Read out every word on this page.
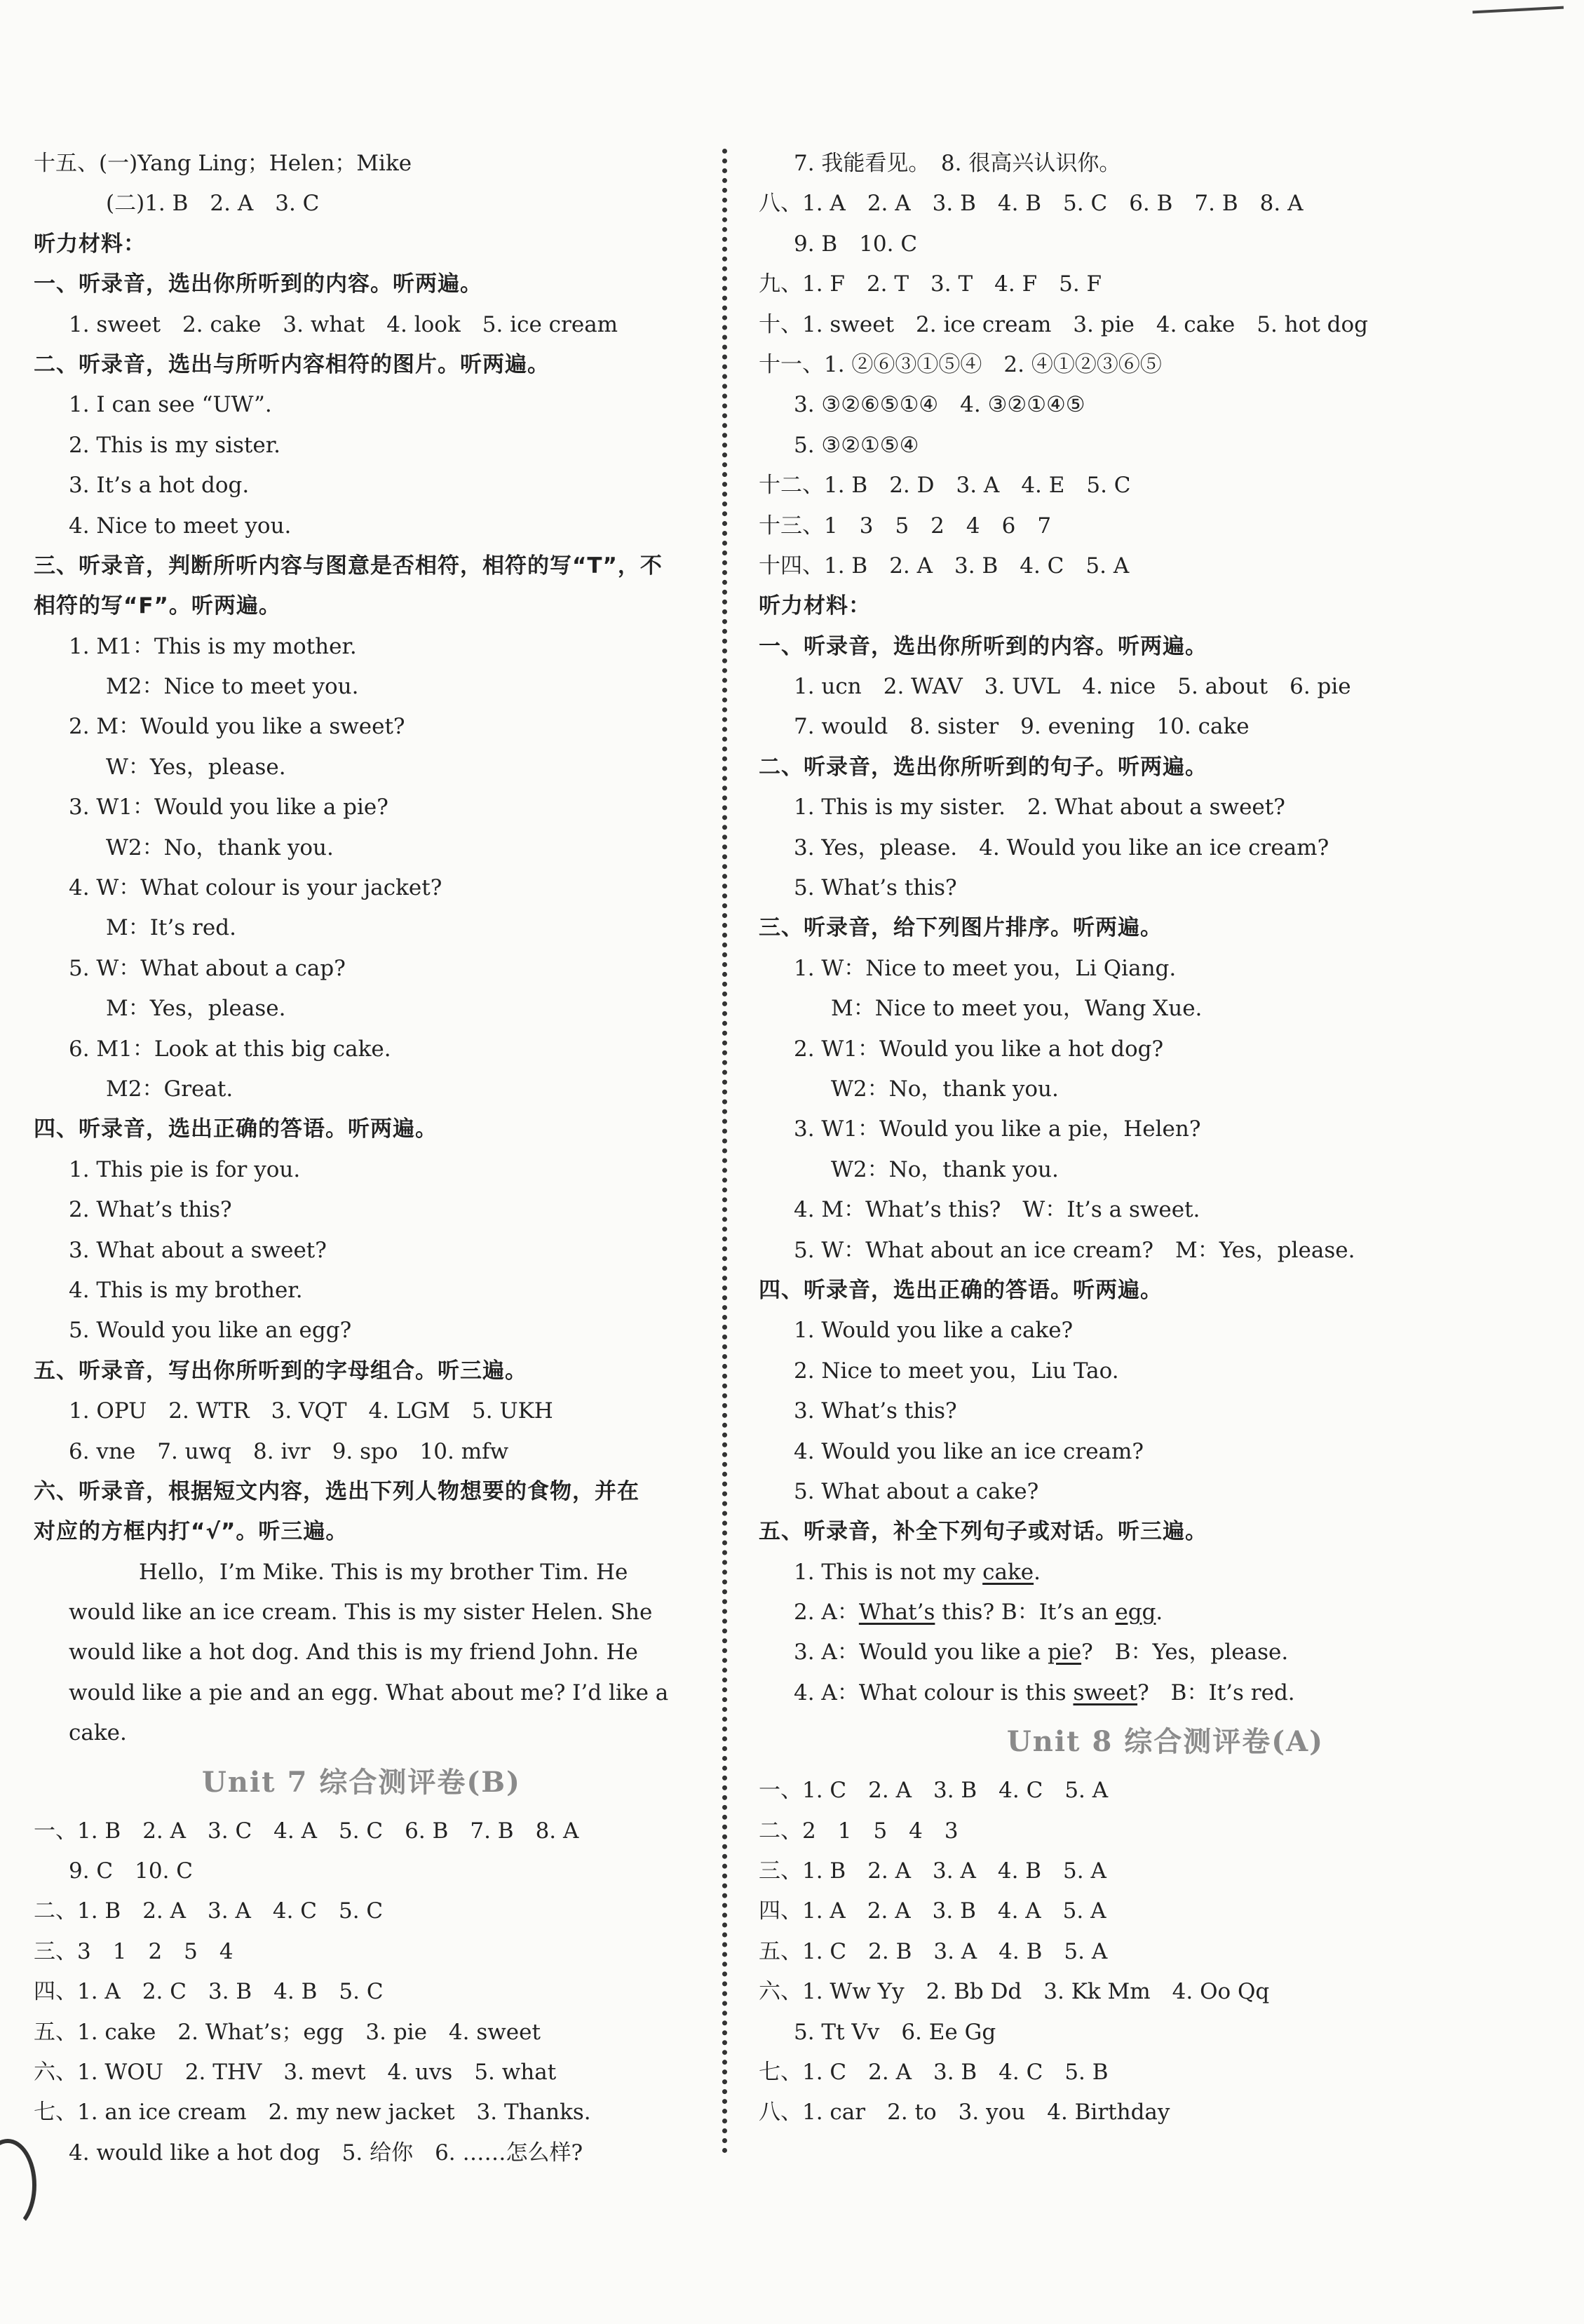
十五、(一)Yang Ling；Helen；Mike
(二)1. B　2. A　3. C
听力材料：
一、听录音，选出你所听到的内容。听两遍。
1. sweet　2. cake　3. what　4. look　5. ice cream
二、听录音，选出与所听内容相符的图片。听两遍。
1. I can see “UW”.
2. This is my sister.
3. It’s a hot dog.
4. Nice to meet you.
三、听录音，判断所听内容与图意是否相符，相符的写“T”，不
相符的写“F”。听两遍。
1. M1：This is my mother.
M2：Nice to meet you.
2. M：Would you like a sweet?
W：Yes，please.
3. W1：Would you like a pie?
W2：No，thank you.
4. W：What colour is your jacket?
M：It’s red.
5. W：What about a cap?
M：Yes，please.
6. M1：Look at this big cake.
M2：Great.
四、听录音，选出正确的答语。听两遍。
1. This pie is for you.
2. What’s this?
3. What about a sweet?
4. This is my brother.
5. Would you like an egg?
五、听录音，写出你所听到的字母组合。听三遍。
1. OPU　2. WTR　3. VQT　4. LGM　5. UKH
6. vne　7. uwq　8. ivr　9. spo　10. mfw
六、听录音，根据短文内容，选出下列人物想要的食物，并在
对应的方框内打“√”。听三遍。
Hello，I’m Mike. This is my brother Tim. He would like an ice cream. This is my sister Helen. She would like a hot dog. And this is my friend John. He would like a pie and an egg. What about me? I’d like a cake.
Unit 7 综合测评卷(B)
一、1. B　2. A　3. C　4. A　5. C　6. B　7. B　8. A
9. C　10. C
二、1. B　2. A　3. A　4. C　5. C
三、3　1　2　5　4
四、1. A　2. C　3. B　4. B　5. C
五、1. cake　2. What’s；egg　3. pie　4. sweet
六、1. WOU　2. THV　3. mevt　4. uvs　5. what
七、1. an ice cream　2. my new jacket　3. Thanks.
4. would like a hot dog　5. 给你　6. ……怎么样?
7. 我能看见。　8. 很高兴认识你。
八、1. A　2. A　3. B　4. B　5. C　6. B　7. B　8. A
9. B　10. C
九、1. F　2. T　3. T　4. F　5. F
十、1. sweet　2. ice cream　3. pie　4. cake　5. hot dog
十一、1. ②⑥③①⑤④　2. ④①②③⑥⑤
3. ③②⑥⑤①④　4. ③②①④⑤
5. ③②①⑤④
十二、1. B　2. D　3. A　4. E　5. C
十三、1　3　5　2　4　6　7
十四、1. B　2. A　3. B　4. C　5. A
听力材料：
一、听录音，选出你所听到的内容。听两遍。
1. ucn　2. WAV　3. UVL　4. nice　5. about　6. pie
7. would　8. sister　9. evening　10. cake
二、听录音，选出你所听到的句子。听两遍。
1. This is my sister.　2. What about a sweet?
3. Yes，please.　4. Would you like an ice cream?
5. What’s this?
三、听录音，给下列图片排序。听两遍。
1. W：Nice to meet you，Li Qiang.
M：Nice to meet you，Wang Xue.
2. W1：Would you like a hot dog?
W2：No，thank you.
3. W1：Would you like a pie，Helen?
W2：No，thank you.
4. M：What’s this?　W：It’s a sweet.
5. W：What about an ice cream?　M：Yes，please.
四、听录音，选出正确的答语。听两遍。
1. Would you like a cake?
2. Nice to meet you，Liu Tao.
3. What’s this?
4. Would you like an ice cream?
5. What about a cake?
五、听录音，补全下列句子或对话。听三遍。
1. This is not my cake.
2. A：What’s this? B：It’s an egg.
3. A：Would you like a pie?　B：Yes，please.
4. A：What colour is this sweet?　B：It’s red.
Unit 8 综合测评卷(A)
一、1. C　2. A　3. B　4. C　5. A
二、2　1　5　4　3
三、1. B　2. A　3. A　4. B　5. A
四、1. A　2. A　3. B　4. A　5. A
五、1. C　2. B　3. A　4. B　5. A
六、1. Ww Yy　2. Bb Dd　3. Kk Mm　4. Oo Qq
5. Tt Vv　6. Ee Gg
七、1. C　2. A　3. B　4. C　5. B
八、1. car　2. to　3. you　4. Birthday
